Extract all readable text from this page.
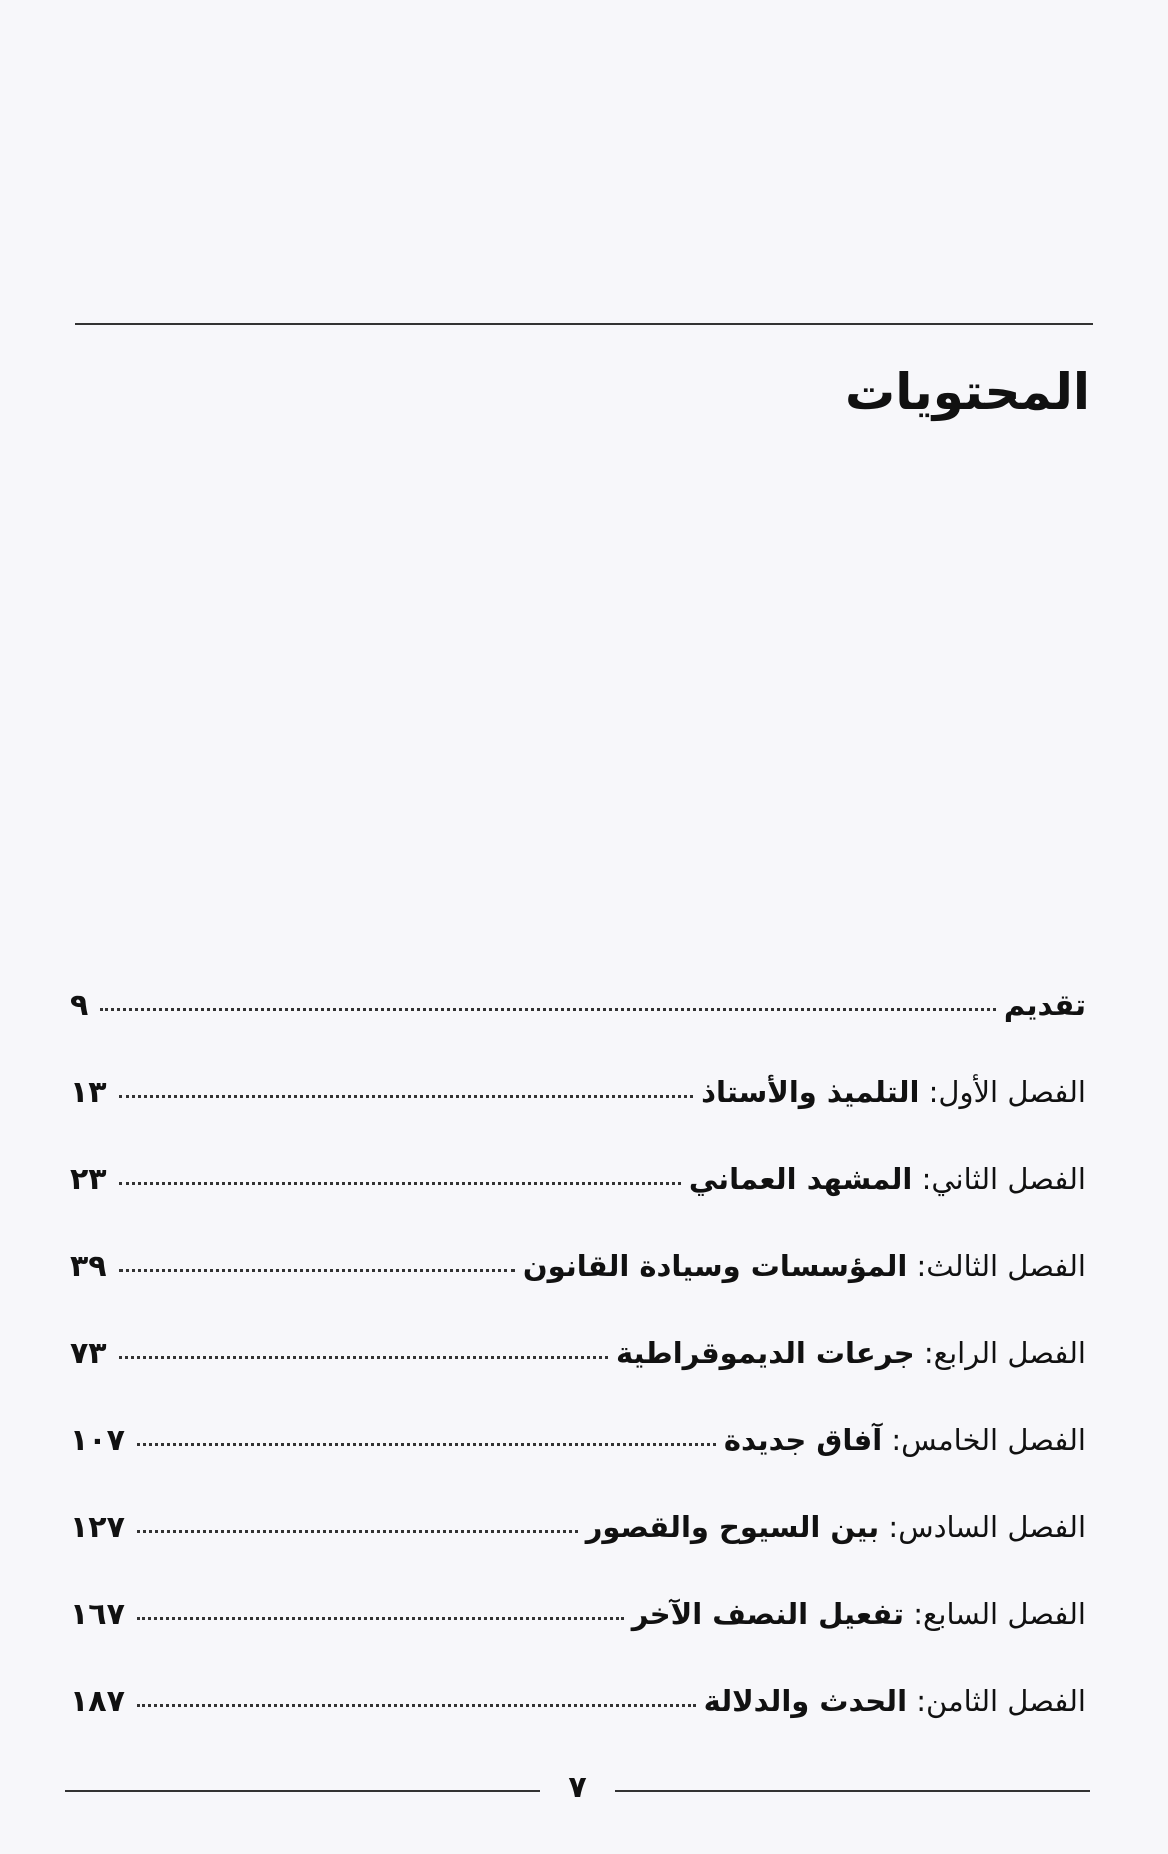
المحتويات
تقديم
٩
الفصل الأول: التلميذ والأستاذ
١٣
الفصل الثاني: المشهد العماني
٢٣
الفصل الثالث: المؤسسات وسيادة القانون
٣٩
الفصل الرابع: جرعات الديموقراطية
٧٣
الفصل الخامس: آفاق جديدة
١٠٧
الفصل السادس: بين السيوح والقصور
١٢٧
الفصل السابع: تفعيل النصف الآخر
١٦٧
الفصل الثامن: الحدث والدلالة
١٨٧
٧
